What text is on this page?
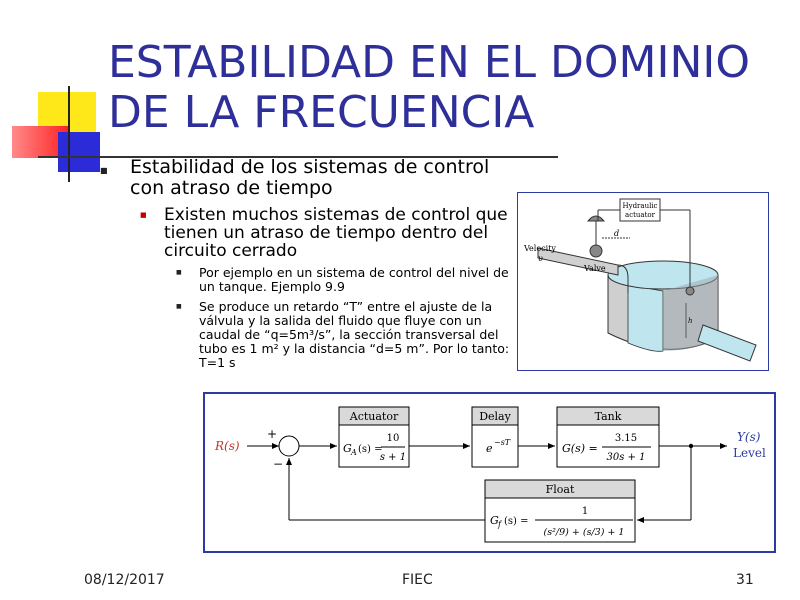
ESTABILIDAD EN EL DOMINIO
DE LA FRECUENCIA
■ Estabilidad de los sistemas de control con atraso de tiempo
■ Existen muchos sistemas de control que tienen un atraso de tiempo dentro del circuito cerrado
■ Por ejemplo en un sistema de control del nivel de un tanque. Ejemplo 9.9
■ Se produce un retardo “T” entre el ajuste de la válvula y la salida del fluido que fluye con un caudal de “q=5m³/s”, la sección transversal del tubo es 1 m² y la distancia “d=5 m”. Por lo tanto: T=1 s
Hydraulic
actuator
d
h
Velocity
υ
Valve
R(s)
+
−
Actuator
G A (s) =
10
s + 1
Delay
e −sT
Tank
G(s) =
3.15
30s + 1
Y(s)
Level
Float
G f (s) =
1
(s²/9) + (s/3) + 1
08/12/2017	FIEC	31
